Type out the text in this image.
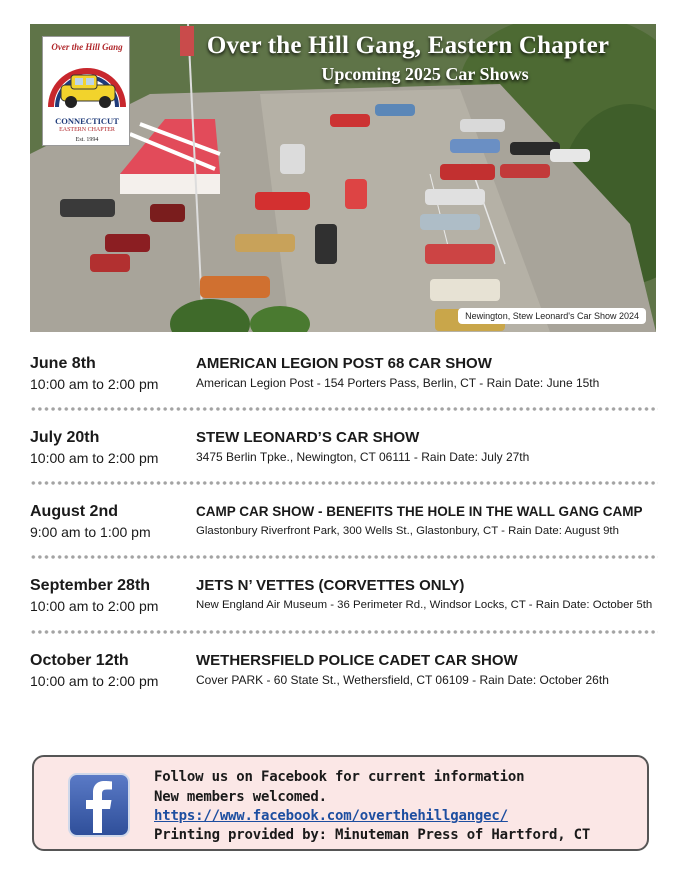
Over the Hill Gang
CONNECTICUT
EASTERN CHAPTER
Est. 1994
Over the Hill Gang, Eastern Chapter
Upcoming 2025 Car Shows
Newington, Stew Leonard's Car Show 2024
June 8th
10:00 am to 2:00 pm
AMERICAN LEGION POST 68 CAR SHOW
American Legion Post - 154 Porters Pass, Berlin, CT - Rain Date: June 15th
July 20th
10:00 am to 2:00 pm
STEW LEONARD’S CAR SHOW
3475 Berlin Tpke., Newington, CT 06111 - Rain Date: July 27th
August 2nd
9:00 am to 1:00 pm
CAMP CAR SHOW - BENEFITS THE HOLE IN THE WALL GANG CAMP
Glastonbury Riverfront Park, 300 Wells St., Glastonbury, CT - Rain Date: August 9th
September 28th
10:00 am to 2:00 pm
JETS N’ VETTES (CORVETTES ONLY)
New England Air Museum - 36 Perimeter Rd., Windsor Locks, CT - Rain Date: October 5th
October 12th
10:00 am to 2:00 pm
WETHERSFIELD POLICE CADET CAR SHOW
Cover PARK - 60 State St., Wethersfield, CT 06109 - Rain Date: October 26th
Follow us on Facebook for current information
New members welcomed.
https://www.facebook.com/overthehillgangec/
Printing provided by: Minuteman Press of Hartford, CT
